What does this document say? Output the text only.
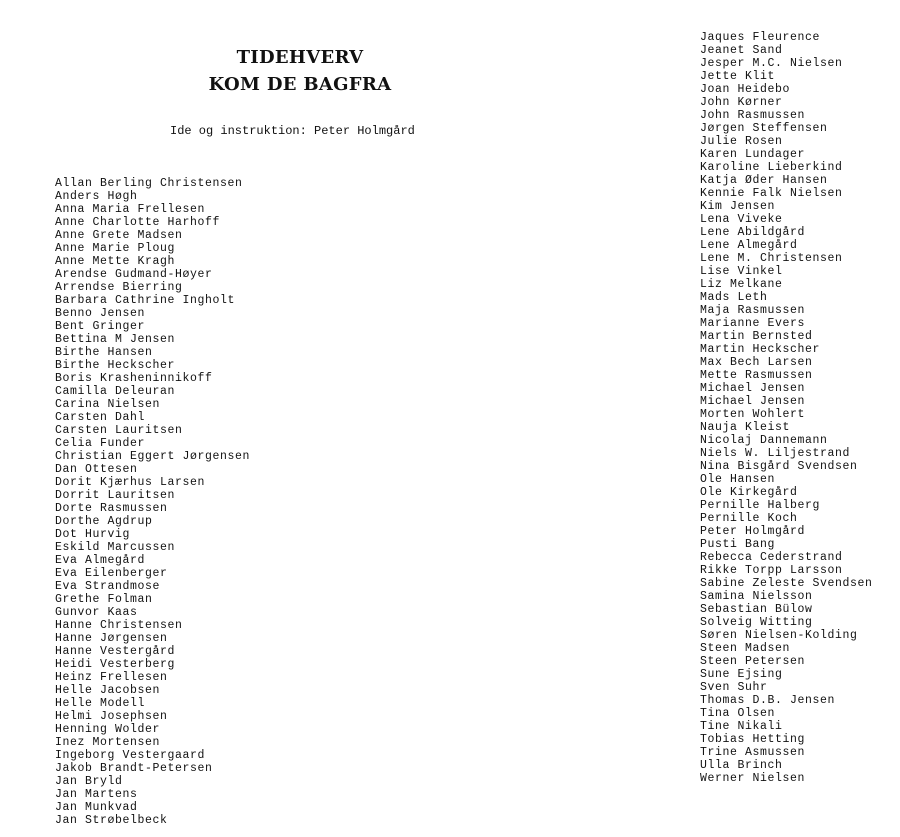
TIDEHVERV
KOM DE BAGFRA
Ide og instruktion: Peter Holmgård
Allan Berling Christensen
Anders Høgh
Anna Maria Frellesen
Anne Charlotte Harhoff
Anne Grete Madsen
Anne Marie Ploug
Anne Mette Kragh
Arendse Gudmand-Høyer
Arrendse Bierring
Barbara Cathrine Ingholt
Benno Jensen
Bent Gringer
Bettina M Jensen
Birthe Hansen
Birthe Heckscher
Boris Krasheninnikoff
Camilla Deleuran
Carina Nielsen
Carsten Dahl
Carsten Lauritsen
Celia Funder
Christian Eggert Jørgensen
Dan Ottesen
Dorit Kjærhus Larsen
Dorrit Lauritsen
Dorte Rasmussen
Dorthe Agdrup
Dot Hurvig
Eskild Marcussen
Eva Almegård
Eva Eilenberger
Eva Strandmose
Grethe Folman
Gunvor Kaas
Hanne Christensen
Hanne Jørgensen
Hanne Vestergård
Heidi Vesterberg
Heinz Frellesen
Helle Jacobsen
Helle Modell
Helmi Josephsen
Henning Wolder
Inez Mortensen
Ingeborg Vestergaard
Jakob Brandt-Petersen
Jan Bryld
Jan Martens
Jan Munkvad
Jan Strøbelbeck
Jaques Fleurence
Jeanet Sand
Jesper M.C. Nielsen
Jette Klit
Joan Heidebo
John Kørner
John Rasmussen
Jørgen Steffensen
Julie Rosen
Karen Lundager
Karoline Lieberkind
Katja Øder Hansen
Kennie Falk Nielsen
Kim Jensen
Lena Viveke
Lene Abildgård
Lene Almegård
Lene M. Christensen
Lise Vinkel
Liz Melkane
Mads Leth
Maja Rasmussen
Marianne Evers
Martin Bernsted
Martin Heckscher
Max Bech Larsen
Mette Rasmussen
Michael Jensen
Michael Jensen
Morten Wohlert
Nauja Kleist
Nicolaj Dannemann
Niels W. Liljestrand
Nina Bisgård Svendsen
Ole Hansen
Ole Kirkegård
Pernille Halberg
Pernille Koch
Peter Holmgård
Pusti Bang
Rebecca Cederstrand
Rikke Torpp Larsson
Sabine Zeleste Svendsen
Samina Nielsson
Sebastian Bülow
Solveig Witting
Søren Nielsen-Kolding
Steen Madsen
Steen Petersen
Sune Ejsing
Sven Suhr
Thomas D.B. Jensen
Tina Olsen
Tine Nikali
Tobias Hetting
Trine Asmussen
Ulla Brinch
Werner Nielsen
